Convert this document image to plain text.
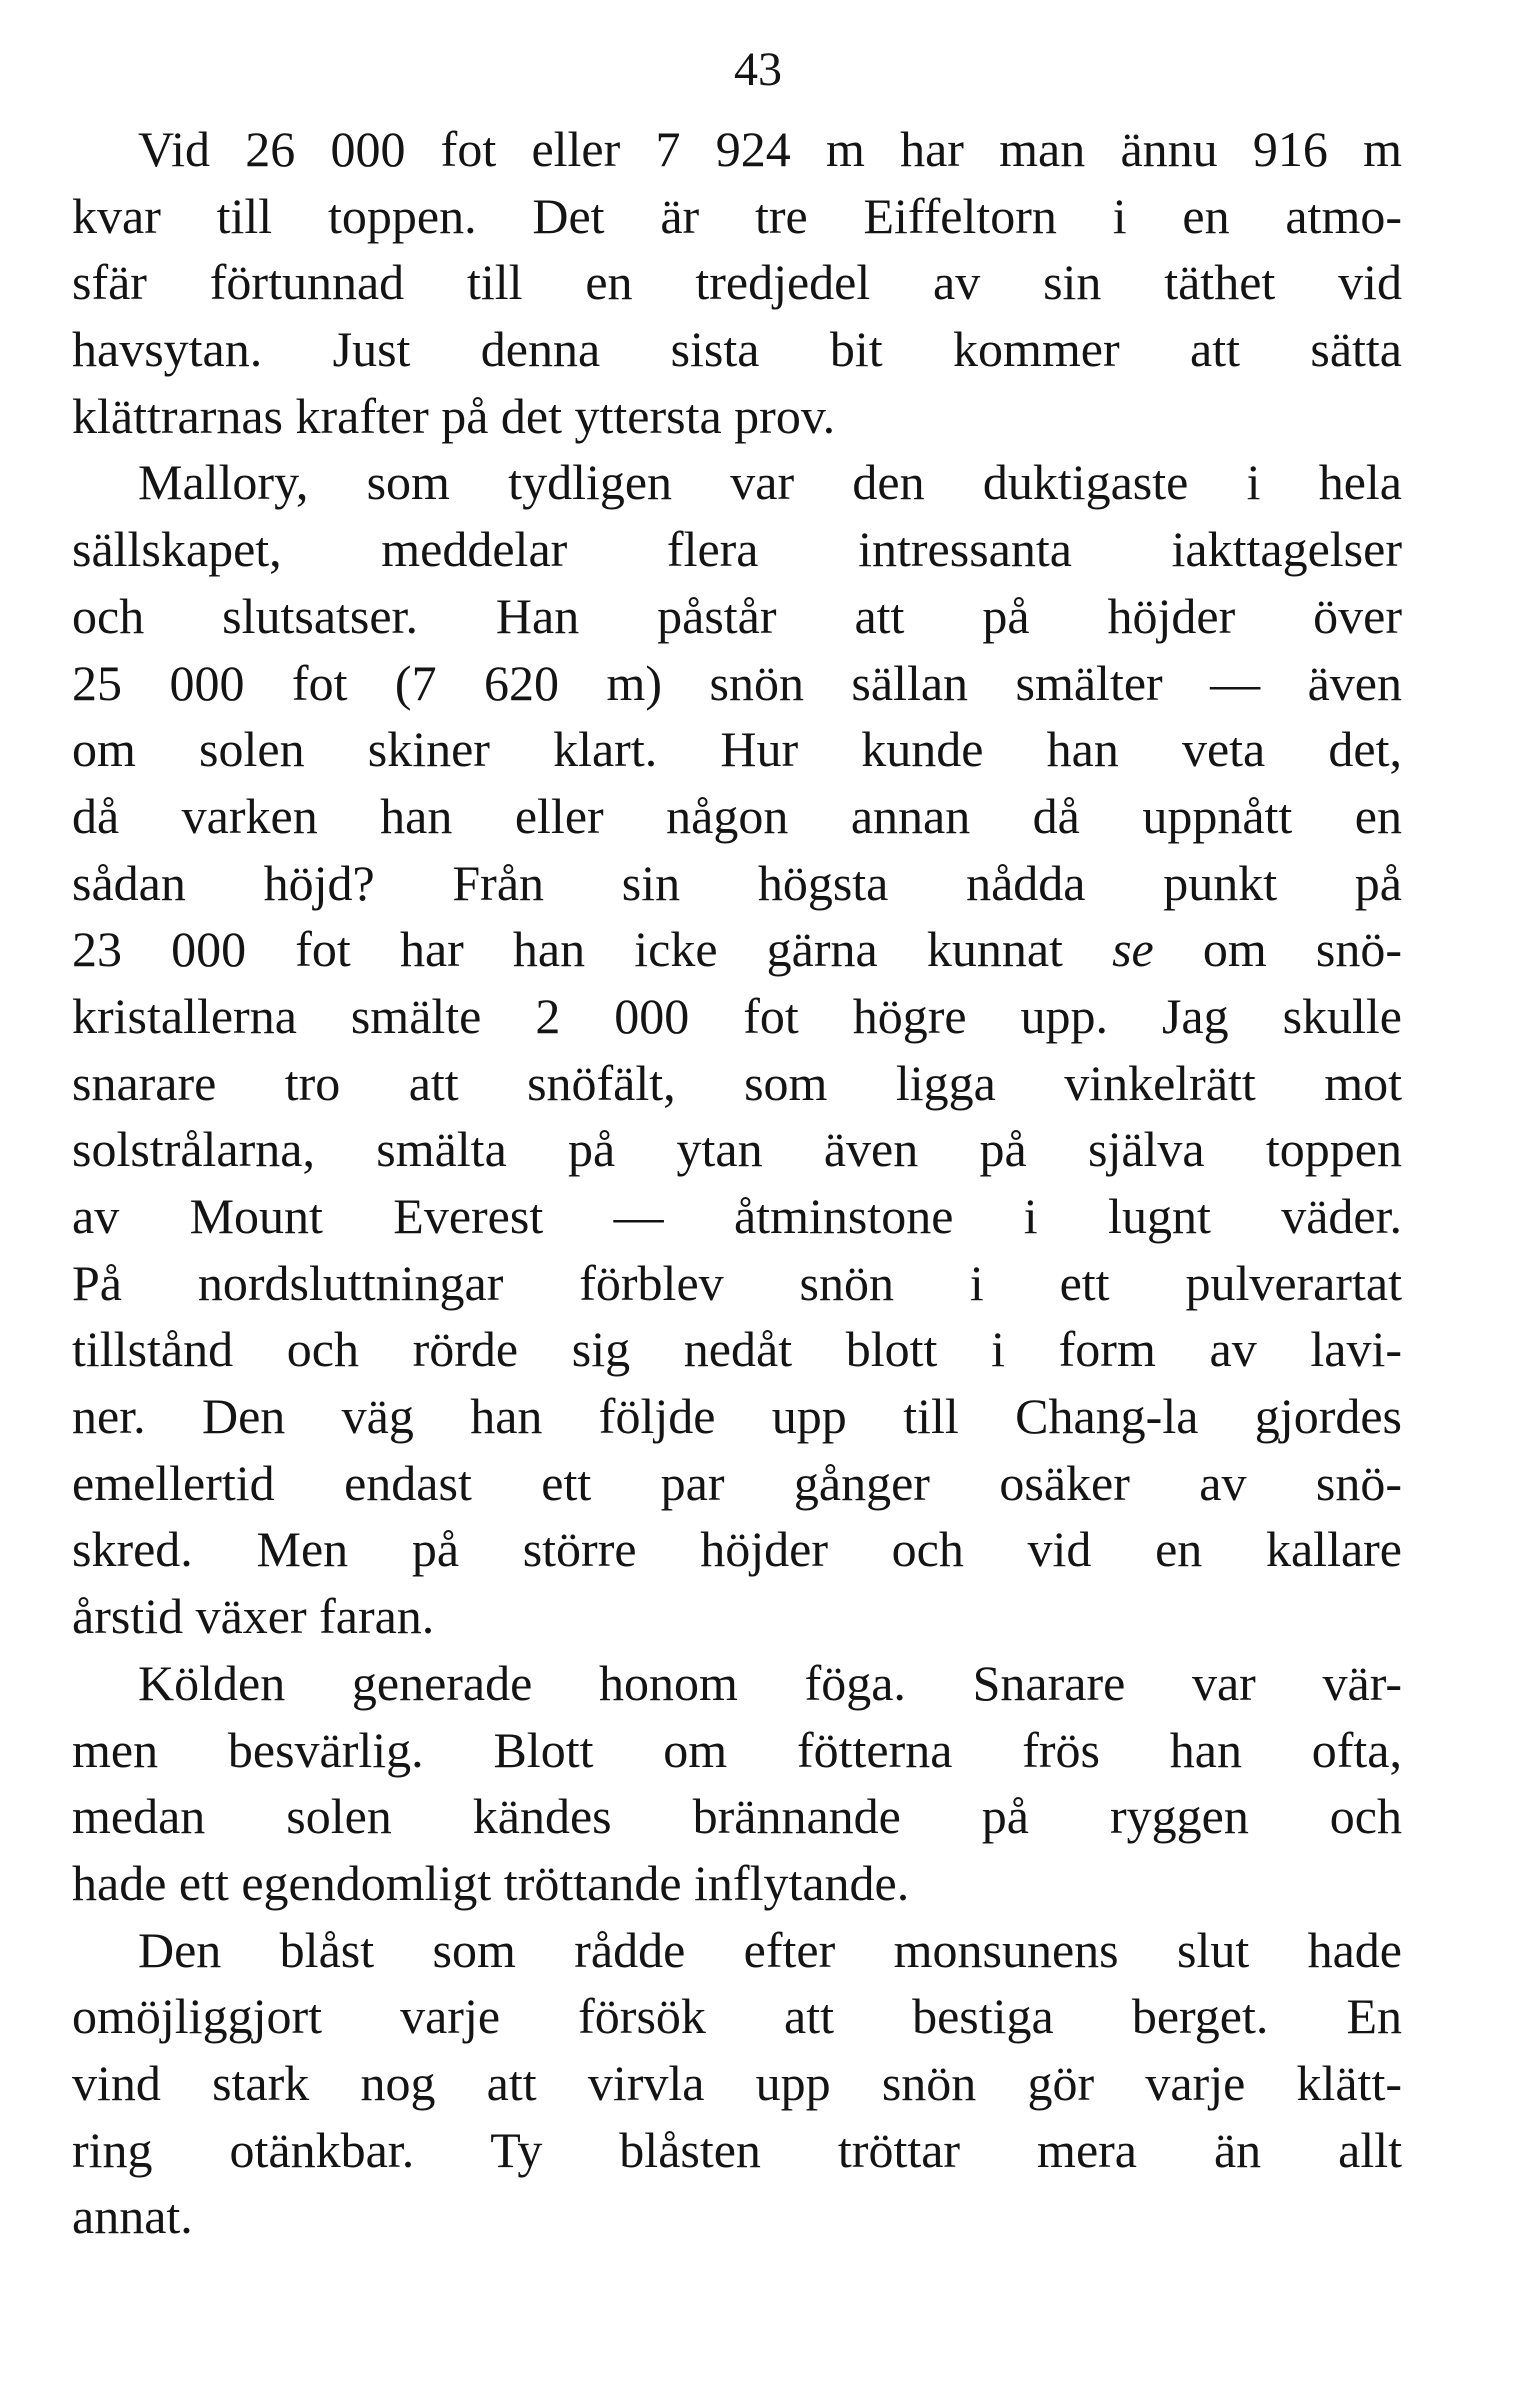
43
Vid 26 000 fot eller 7 924 m har man ännu 916 m
kvar till toppen. Det är tre Eiffeltorn i en atmo-
sfär förtunnad till en tredjedel av sin täthet vid
havsytan. Just denna sista bit kommer att sätta
klättrarnas krafter på det yttersta prov.
Mallory, som tydligen var den duktigaste i hela
sällskapet, meddelar flera intressanta iakttagelser
och slutsatser. Han påstår att på höjder över
25 000 fot (7 620 m) snön sällan smälter — även
om solen skiner klart. Hur kunde han veta det,
då varken han eller någon annan då uppnått en
sådan höjd? Från sin högsta nådda punkt på
23 000 fot har han icke gärna kunnat se om snö-
kristallerna smälte 2 000 fot högre upp. Jag skulle
snarare tro att snöfält, som ligga vinkelrätt mot
solstrålarna, smälta på ytan även på själva toppen
av Mount Everest — åtminstone i lugnt väder.
På nordsluttningar förblev snön i ett pulverartat
tillstånd och rörde sig nedåt blott i form av lavi-
ner. Den väg han följde upp till Chang-la gjordes
emellertid endast ett par gånger osäker av snö-
skred. Men på större höjder och vid en kallare
årstid växer faran.
Kölden generade honom föga. Snarare var vär-
men besvärlig. Blott om fötterna frös han ofta,
medan solen kändes brännande på ryggen och
hade ett egendomligt tröttande inflytande.
Den blåst som rådde efter monsunens slut hade
omöjliggjort varje försök att bestiga berget. En
vind stark nog att virvla upp snön gör varje klätt-
ring otänkbar. Ty blåsten tröttar mera än allt
annat.
